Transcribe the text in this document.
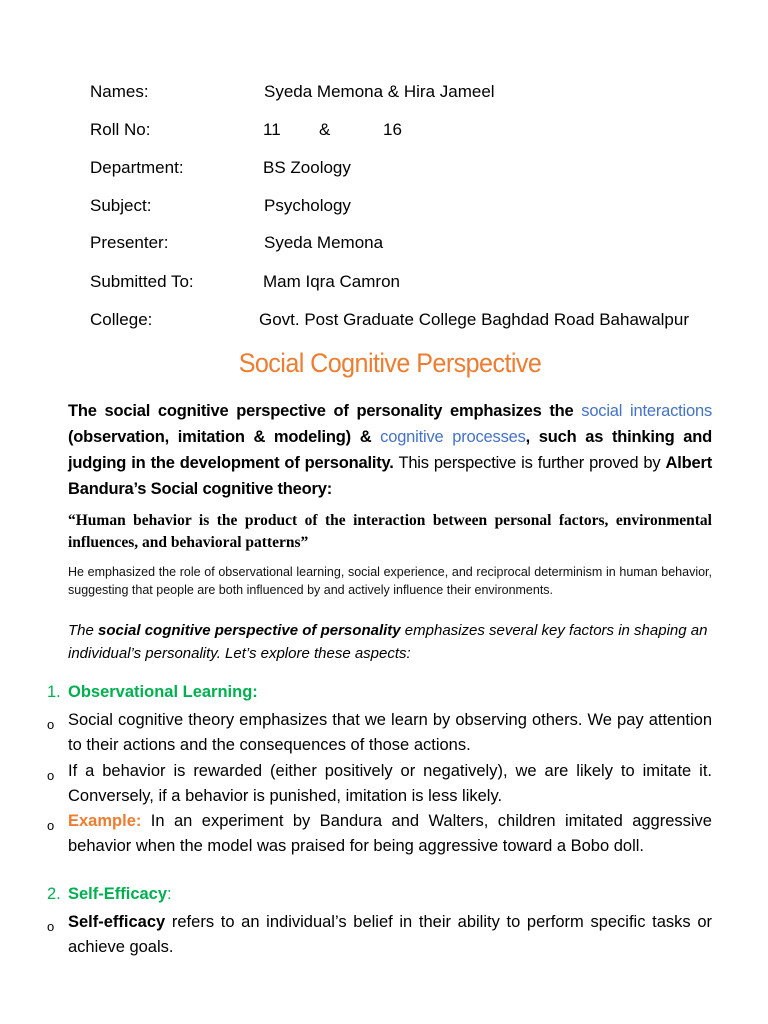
Names:	Syeda Memona & Hira Jameel
Roll No:	11 &	16
Department:	BS Zoology
Subject:	Psychology
Presenter:	Syeda Memona
Submitted To:	Mam Iqra Camron
College:	Govt. Post Graduate College Baghdad Road Bahawalpur
Social Cognitive Perspective
The social cognitive perspective of personality emphasizes the social interactions (observation, imitation & modeling) & cognitive processes, such as thinking and judging in the development of personality. This perspective is further proved by Albert Bandura’s Social cognitive theory:
“Human behavior is the product of the interaction between personal factors, environmental influences, and behavioral patterns”
He emphasized the role of observational learning, social experience, and reciprocal determinism in human behavior, suggesting that people are both influenced by and actively influence their environments.
The social cognitive perspective of personality emphasizes several key factors in shaping an individual’s personality. Let’s explore these aspects:
1. Observational Learning:
o Social cognitive theory emphasizes that we learn by observing others. We pay attention to their actions and the consequences of those actions.
o If a behavior is rewarded (either positively or negatively), we are likely to imitate it. Conversely, if a behavior is punished, imitation is less likely.
o Example: In an experiment by Bandura and Walters, children imitated aggressive behavior when the model was praised for being aggressive toward a Bobo doll.
2. Self-Efficacy:
o Self-efficacy refers to an individual’s belief in their ability to perform specific tasks or achieve goals.
